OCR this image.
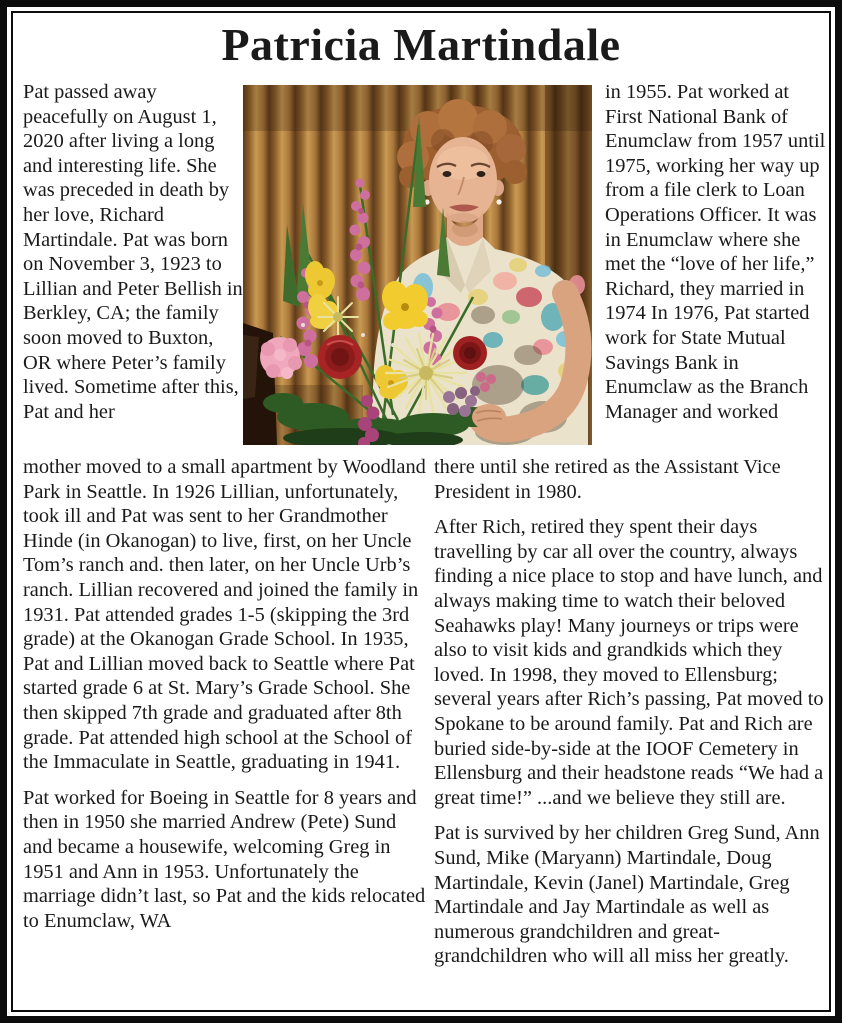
Patricia Martindale

Pat passed away peacefully on August 1, 2020 after living a long and interesting life. She was preceded in death by her love, Richard Martindale. Pat was born on November 3, 1923 to Lillian and Peter Bellish in Berkley, CA; the family soon moved to Buxton, OR where Peter’s family lived. Sometime after this, Pat and her

in 1955. Pat worked at First National Bank of Enumclaw from 1957 until 1975, working her way up from a file clerk to Loan Operations Officer. It was in Enumclaw where she met the “love of her life,” Richard, they married in 1974 In 1976, Pat started work for State Mutual Savings Bank in Enumclaw as the Branch Manager and worked

mother moved to a small apartment by Woodland Park in Seattle. In 1926 Lillian, unfortunately, took ill and Pat was sent to her Grandmother Hinde (in Okanogan) to live, first, on her Uncle Tom’s ranch and. then later, on her Uncle Urb’s ranch. Lillian recovered and joined the family in 1931. Pat attended grades 1-5 (skipping the 3rd grade) at the Okanogan Grade School. In 1935, Pat and Lillian moved back to Seattle where Pat started grade 6 at St. Mary’s Grade School. She then skipped 7th grade and graduated after 8th grade. Pat attended high school at the School of the Immaculate in Seattle, graduating in 1941.

Pat worked for Boeing in Seattle for 8 years and then in 1950 she married Andrew (Pete) Sund and became a housewife, welcoming Greg in 1951 and Ann in 1953. Unfortunately the marriage didn’t last, so Pat and the kids relocated to Enumclaw, WA

there until she retired as the Assistant Vice President in 1980.

After Rich, retired they spent their days travelling by car all over the country, always finding a nice place to stop and have lunch, and always making time to watch their beloved Seahawks play! Many journeys or trips were also to visit kids and grandkids which they loved. In 1998, they moved to Ellensburg; several years after Rich’s passing, Pat moved to Spokane to be around family. Pat and Rich are buried side-by-side at the IOOF Cemetery in Ellensburg and their headstone reads “We had a great time!” ...and we believe they still are.

Pat is survived by her children Greg Sund, Ann Sund, Mike (Maryann) Martindale, Doug Martindale, Kevin (Janel) Martindale, Greg Martindale and Jay Martindale as well as numerous grandchildren and great-grandchildren who will all miss her greatly.
